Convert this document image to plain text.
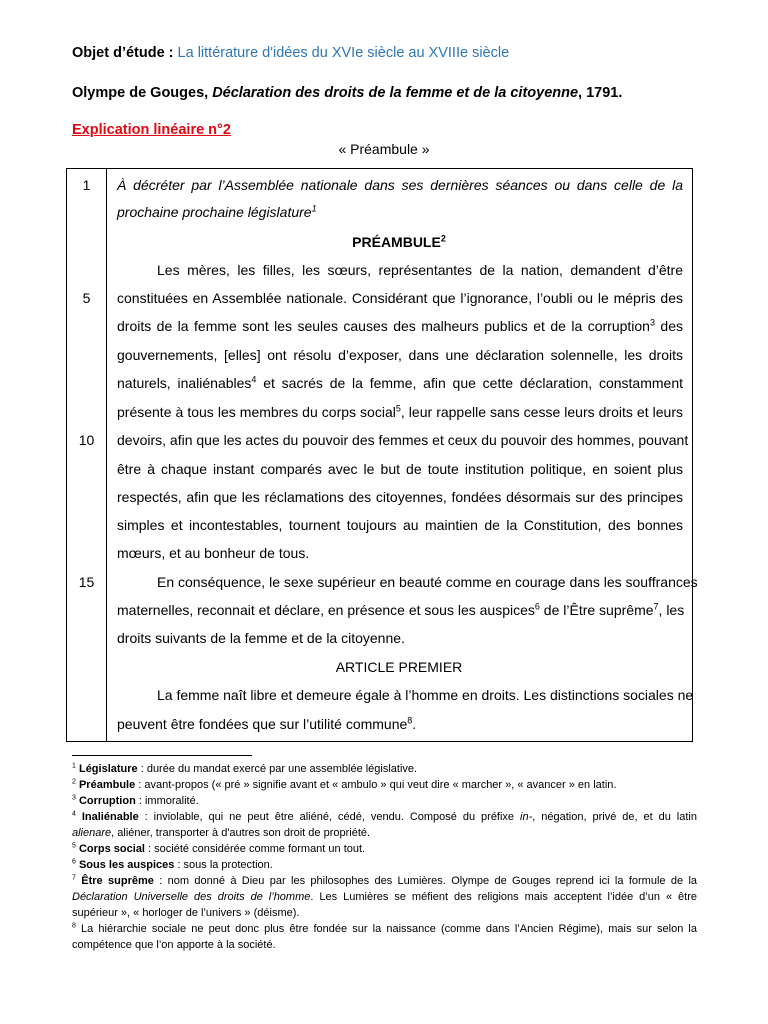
Objet d’étude : La littérature d'idées du XVIe siècle au XVIIIe siècle
Olympe de Gouges, Déclaration des droits de la femme et de la citoyenne, 1791.
Explication linéaire n°2
« Préambule »
1
5
10
15
À décréter par l’Assemblée nationale dans ses dernières séances ou dans celle de la
prochaine prochaine législature$^1$
PRÉAMBULE$^2$
Les mères, les filles, les sœurs, représentantes de la nation, demandent d’être
constituées en Assemblée nationale. Considérant que l’ignorance, l’oubli ou le mépris des
droits de la femme sont les seules causes des malheurs publics et de la corruption$^3$ des
gouvernements, [elles] ont résolu d’exposer, dans une déclaration solennelle, les droits
naturels, inaliénables$^4$ et sacrés de la femme, afin que cette déclaration, constamment
présente à tous les membres du corps social$^5$, leur rappelle sans cesse leurs droits et leurs
devoirs, afin que les actes du pouvoir des femmes et ceux du pouvoir des hommes, pouvant
être à chaque instant comparés avec le but de toute institution politique, en soient plus
respectés, afin que les réclamations des citoyennes, fondées désormais sur des principes
simples et incontestables, tournent toujours au maintien de la Constitution, des bonnes
mœurs, et au bonheur de tous.
En conséquence, le sexe supérieur en beauté comme en courage dans les souffrances
maternelles, reconnait et déclare, en présence et sous les auspices$^6$ de l’Être suprême$^7$, les
droits suivants de la femme et de la citoyenne.
ARTICLE PREMIER
La femme naît libre et demeure égale à l’homme en droits. Les distinctions sociales ne
peuvent être fondées que sur l’utilité commune$^8$.
$^1$ Législature : durée du mandat exercé par une assemblée législative.
$^2$ Préambule : avant-propos (« pré » signifie avant et « ambulo » qui veut dire « marcher », « avancer » en latin.
$^3$ Corruption : immoralité.
$^4$ Inaliénable : inviolable, qui ne peut être aliéné, cédé, vendu. Composé du préfixe in-, négation, privé de, et du latin
alienare, aliéner, transporter à d'autres son droit de propriété.
$^5$ Corps social : société considérée comme formant un tout.
$^6$ Sous les auspices : sous la protection.
$^7$ Être suprême : nom donné à Dieu par les philosophes des Lumières. Olympe de Gouges reprend ici la formule de la
Déclaration Universelle des droits de l’homme. Les Lumières se méfient des religions mais acceptent l’idée d’un « être
supérieur », « horloger de l’univers » (déisme).
$^8$ La hiérarchie sociale ne peut donc plus être fondée sur la naissance (comme dans l’Ancien Régime), mais sur selon la
compétence que l’on apporte à la société.
